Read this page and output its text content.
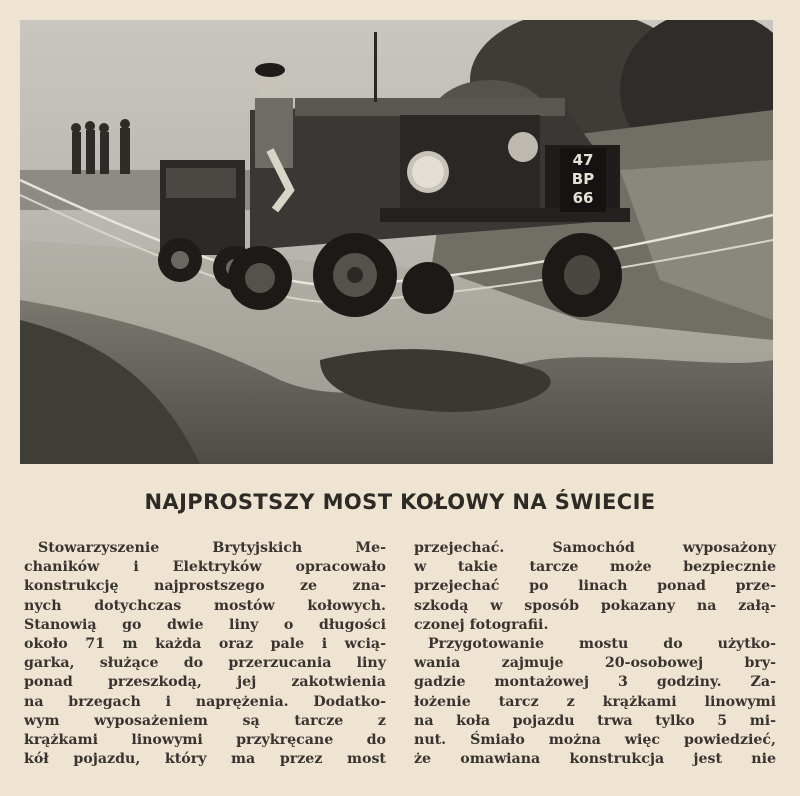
47
BP
66
NAJPROSTSZY MOST KOŁOWY NA ŚWIECIE
Stowarzyszenie Brytyjskich Me-
chaników i Elektryków opracowało
konstrukcję najprostszego ze zna-
nych dotychczas mostów kołowych.
Stanowią go dwie liny o długości
około 71 m każda oraz pale i wcią-
garka, służące do przerzucania liny
ponad przeszkodą, jej zakotwienia
na brzegach i naprężenia. Dodatko-
wym wyposażeniem są tarcze z
krążkami linowymi przykręcane do
kół pojazdu, który ma przez most
przejechać. Samochód wyposażony
w takie tarcze może bezpiecznie
przejechać po linach ponad prze-
szkodą w sposób pokazany na załą-
czonej fotografii.
Przygotowanie mostu do użytko-
wania zajmuje 20-osobowej bry-
gadzie montażowej 3 godziny. Za-
łożenie tarcz z krążkami linowymi
na koła pojazdu trwa tylko 5 mi-
nut. Śmiało można więc powiedzieć,
że omawiana konstrukcja jest nie
